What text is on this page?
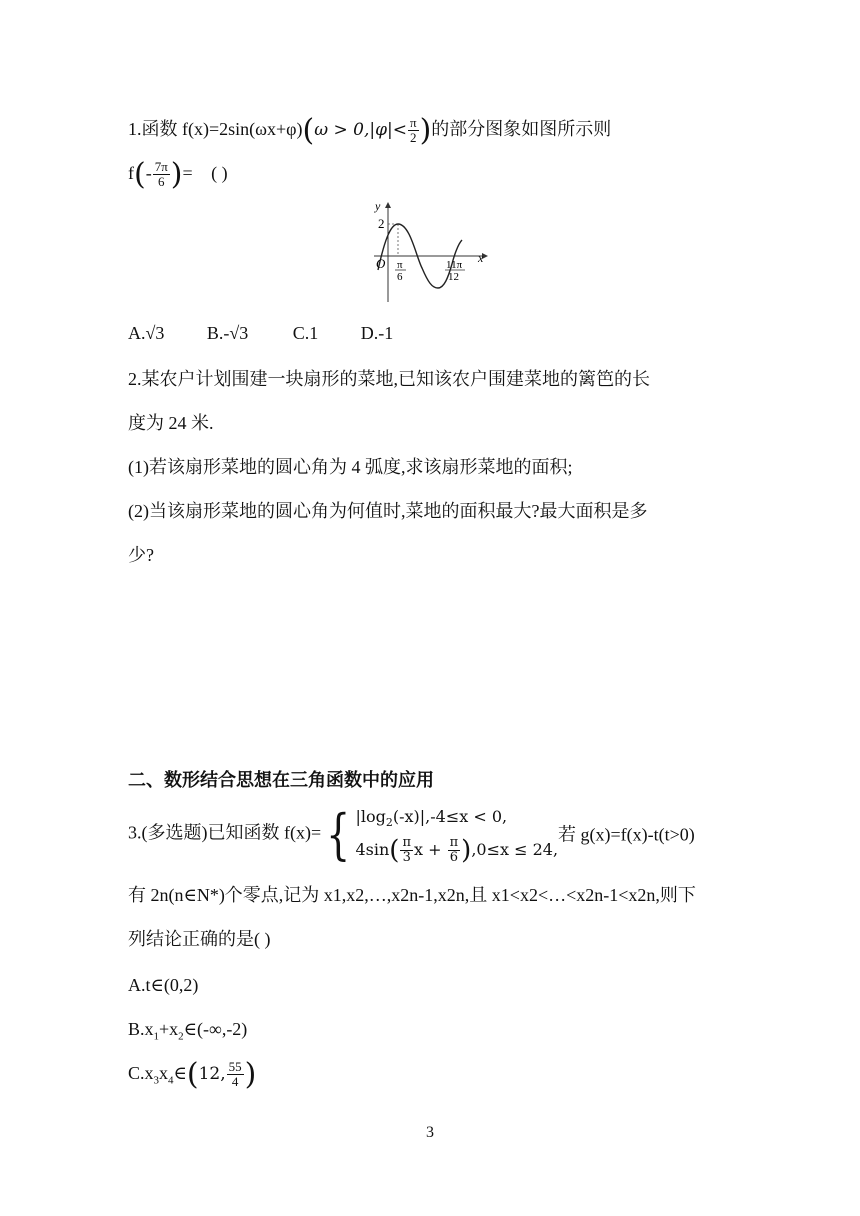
1.函数 $f(x)=2\sin(\omega x+\varphi)(\omega > 0,|\varphi|< \frac{\pi}{2}$ )的部分图象如图所示则
$f(- \frac{7\pi}{6}$ )= ( )
y
x
O
2
π
6
11π
12
A.√3 B.-√3 C.1 D.-1
2.某农户计划围建一块扇形的菜地,已知该农户围建菜地的篱笆的长
度为 24 米.
(1)若该扇形菜地的圆心角为 4 弧度,求该扇形菜地的面积;
(2)当该扇形菜地的圆心角为何值时,菜地的面积最大?最大面积是多
少?
二、数形结合思想在三角函数中的应用
3.(多选题)已知函数 f(x)={ $|\log_2(-x)|,-4\le x < 0$,
$4\sin( \frac{\pi}{3}$ $x + \frac{\pi}{6} ),0\le x \le 24$,
若 g(x)=f(x)-t(t>0)
有 2n(n∈N*)个零点,记为 x1,x2,…,x2n-1,x2n,且 x1<x2<…<x2n-1<x2n,则下
列结论正确的是( )
A.t∈(0,2)
$B.x_1+x_2\in(-\infty,-2)$
$C.x_3x_4\in(12$, $\frac{55}{4}$ )
3
